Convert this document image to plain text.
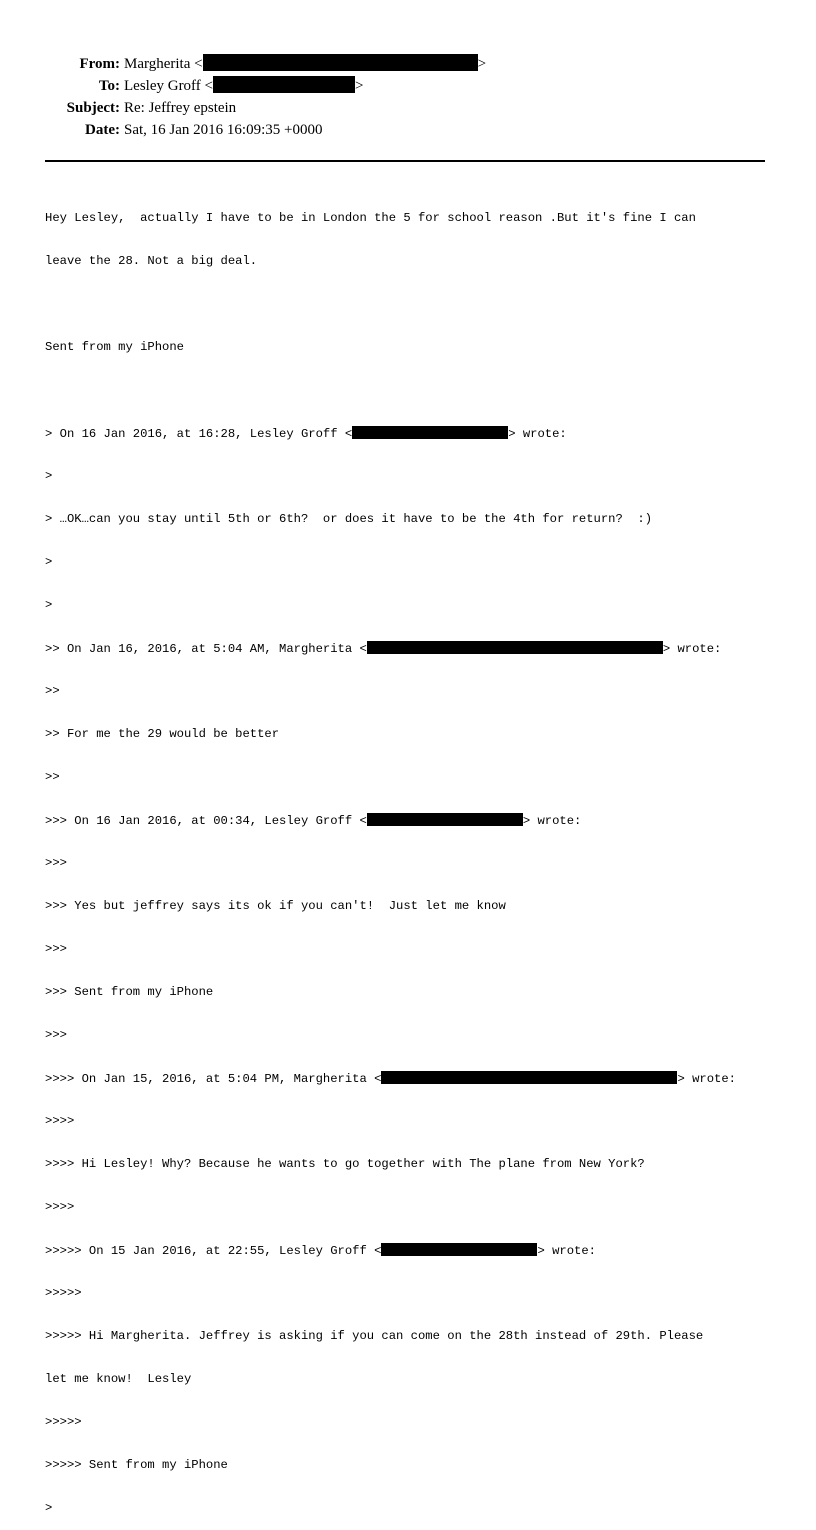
From: Margherita <	>
To: Lesley Groff <	>
Subject: Re: Jeffrey epstein
Date: Sat, 16 Jan 2016 16:09:35 +0000

Hey Lesley,  actually I have to be in London the 5 for school reason .But it's fine I can

leave the 28. Not a big deal.

Sent from my iPhone

> On 16 Jan 2016, at 16:28, Lesley Groff <	> wrote:

>

> …OK…can you stay until 5th or 6th?  or does it have to be the 4th for return?  :)

>

>

>> On Jan 16, 2016, at 5:04 AM, Margherita <	> wrote:

>>

>> For me the 29 would be better

>>

>>> On 16 Jan 2016, at 00:34, Lesley Groff <	> wrote:

>>>

>>> Yes but jeffrey says its ok if you can't!  Just let me know

>>>

>>> Sent from my iPhone

>>>

>>>> On Jan 15, 2016, at 5:04 PM, Margherita <	> wrote:

>>>>

>>>> Hi Lesley! Why? Because he wants to go together with The plane from New York?

>>>>

>>>>> On 15 Jan 2016, at 22:55, Lesley Groff <	> wrote:

>>>>>

>>>>> Hi Margherita. Jeffrey is asking if you can come on the 28th instead of 29th. Please

let me know!  Lesley

>>>>>

>>>>> Sent from my iPhone

>
